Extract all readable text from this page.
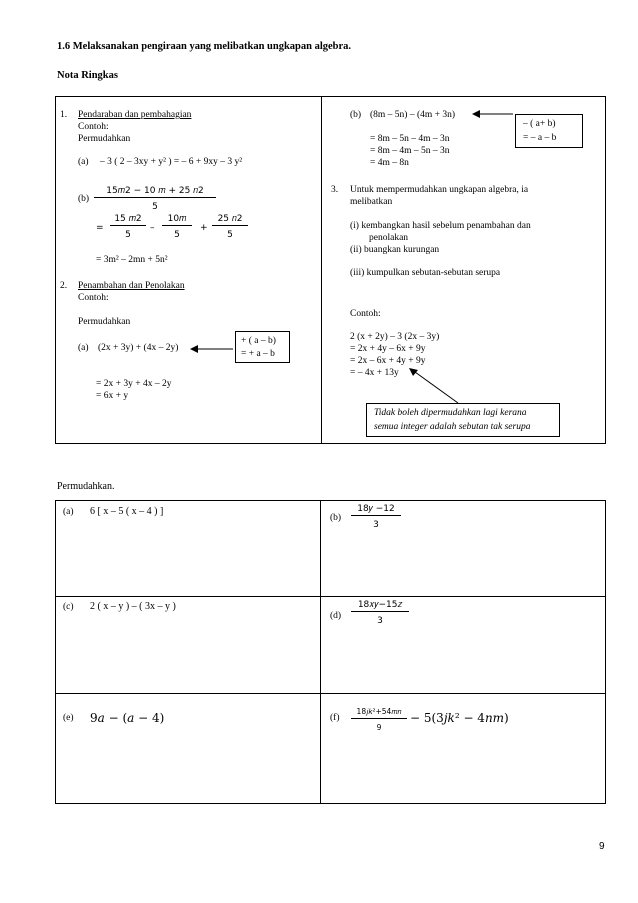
1.6 Melaksanakan pengiraan yang melibatkan ungkapan algebra.
Nota Ringkas
1. Pendaraban dan pembahagian
Contoh:
Permudahkan
(a) – 3 ( 2 – 3xy + y² ) = – 6 + 9xy – 3 y²
(b)
15𝑚2 − 10 𝑚 + 25 𝑛2
5
=
15 𝑚2
5
–
10𝑚
5
+
25 𝑛2
5
= 3m² – 2mn + 5n²
2. Penambahan dan Penolakan
Contoh:
Permudahkan
(a) (2x + 3y) + (4x – 2y)
+ ( a – b)
= + a – b
= 2x + 3y + 4x – 2y
= 6x + y
(b) (8m – 5n) – (4m + 3n)
– ( a+ b)
= – a – b
= 8m – 5n – 4m – 3n
= 8m – 4m – 5n – 3n
= 4m – 8n
3. Untuk mempermudahkan ungkapan algebra, ia
melibatkan
(i) kembangkan hasil sebelum penambahan dan
penolakan
(ii) buangkan kurungan
(iii) kumpulkan sebutan-sebutan serupa
Contoh:
2 (x + 2y) – 3 (2x – 3y)
= 2x + 4y – 6x + 9y
= 2x – 6x + 4y + 9y
= – 4x + 13y
Tidak boleh dipermudahkan lagi kerana
semua integer adalah sebutan tak serupa
Permudahkan.
(a) 6 [ x – 5 ( x – 4 ) ]
(b)
18𝑦 −12
3
(c) 2 ( x – y ) – ( 3x – y )
(d)
18𝑥𝑦−15𝑧
3
(e) 9𝑎 − (𝑎 − 4)	(f)
18𝑗𝑘²+54𝑚𝑛
9
− 5(3𝑗𝑘² − 4𝑛𝑚)
9
